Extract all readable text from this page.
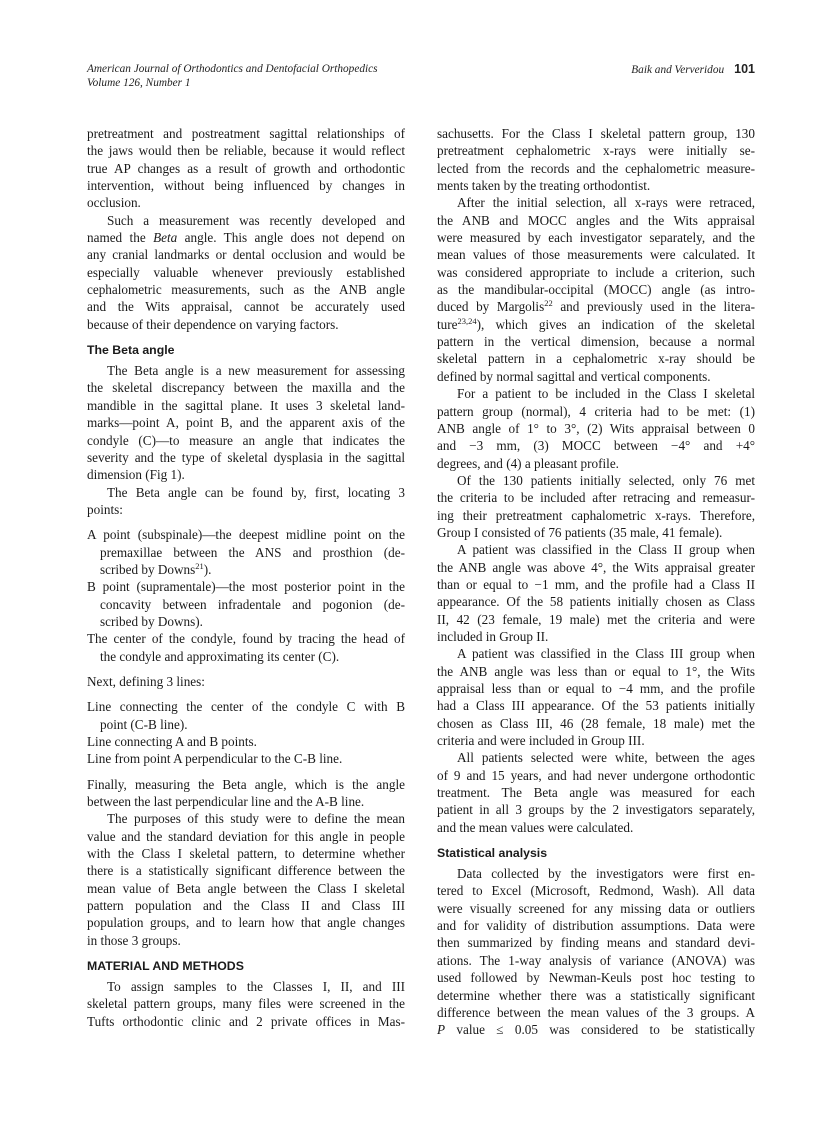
American Journal of Orthodontics and Dentofacial Orthopedics
Volume 126, Number 1
Baik and Ververidou 101
pretreatment and postreatment sagittal relationships of
the jaws would then be reliable, because it would reflect
true AP changes as a result of growth and orthodontic
intervention, without being influenced by changes in
occlusion.
Such a measurement was recently developed and
named the Beta angle. This angle does not depend on
any cranial landmarks or dental occlusion and would be
especially valuable whenever previously established
cephalometric measurements, such as the ANB angle
and the Wits appraisal, cannot be accurately used
because of their dependence on varying factors.
The Beta angle
The Beta angle is a new measurement for assessing
the skeletal discrepancy between the maxilla and the
mandible in the sagittal plane. It uses 3 skeletal land-
marks—point A, point B, and the apparent axis of the
condyle (C)—to measure an angle that indicates the
severity and the type of skeletal dysplasia in the sagittal
dimension (Fig 1).
The Beta angle can be found by, first, locating 3
points:
A point (subspinale)—the deepest midline point on the
premaxillae between the ANS and prosthion (de-
scribed by Downs$^{21}$).
B point (supramentale)—the most posterior point in the
concavity between infradentale and pogonion (de-
scribed by Downs).
The center of the condyle, found by tracing the head of
the condyle and approximating its center (C).
Next, defining 3 lines:
Line connecting the center of the condyle C with B
point (C-B line).
Line connecting A and B points.
Line from point A perpendicular to the C-B line.
Finally, measuring the Beta angle, which is the angle
between the last perpendicular line and the A-B line.
The purposes of this study were to define the mean
value and the standard deviation for this angle in people
with the Class I skeletal pattern, to determine whether
there is a statistically significant difference between the
mean value of Beta angle between the Class I skeletal
pattern population and the Class II and Class III
population groups, and to learn how that angle changes
in those 3 groups.
MATERIAL AND METHODS
To assign samples to the Classes I, II, and III
skeletal pattern groups, many files were screened in the
Tufts orthodontic clinic and 2 private offices in Mas-
sachusetts. For the Class I skeletal pattern group, 130
pretreatment cephalometric x-rays were initially se-
lected from the records and the cephalometric measure-
ments taken by the treating orthodontist.
After the initial selection, all x-rays were retraced,
the ANB and MOCC angles and the Wits appraisal
were measured by each investigator separately, and the
mean values of those measurements were calculated. It
was considered appropriate to include a criterion, such
as the mandibular-occipital (MOCC) angle (as intro-
duced by Margolis$^{22}$ and previously used in the litera-
ture$^{23,24}$), which gives an indication of the skeletal
pattern in the vertical dimension, because a normal
skeletal pattern in a cephalometric x-ray should be
defined by normal sagittal and vertical components.
For a patient to be included in the Class I skeletal
pattern group (normal), 4 criteria had to be met: (1)
ANB angle of 1° to 3°, (2) Wits appraisal between 0
and −3 mm, (3) MOCC between −4° and +4°
degrees, and (4) a pleasant profile.
Of the 130 patients initially selected, only 76 met
the criteria to be included after retracing and remeasur-
ing their pretreatment caphalometric x-rays. Therefore,
Group I consisted of 76 patients (35 male, 41 female).
A patient was classified in the Class II group when
the ANB angle was above 4°, the Wits appraisal greater
than or equal to −1 mm, and the profile had a Class II
appearance. Of the 58 patients initially chosen as Class
II, 42 (23 female, 19 male) met the criteria and were
included in Group II.
A patient was classified in the Class III group when
the ANB angle was less than or equal to 1°, the Wits
appraisal less than or equal to −4 mm, and the profile
had a Class III appearance. Of the 53 patients initially
chosen as Class III, 46 (28 female, 18 male) met the
criteria and were included in Group III.
All patients selected were white, between the ages
of 9 and 15 years, and had never undergone orthodontic
treatment. The Beta angle was measured for each
patient in all 3 groups by the 2 investigators separately,
and the mean values were calculated.
Statistical analysis
Data collected by the investigators were first en-
tered to Excel (Microsoft, Redmond, Wash). All data
were visually screened for any missing data or outliers
and for validity of distribution assumptions. Data were
then summarized by finding means and standard devi-
ations. The 1-way analysis of variance (ANOVA) was
used followed by Newman-Keuls post hoc testing to
determine whether there was a statistically significant
difference between the mean values of the 3 groups. A
P value ≤ 0.05 was considered to be statistically
